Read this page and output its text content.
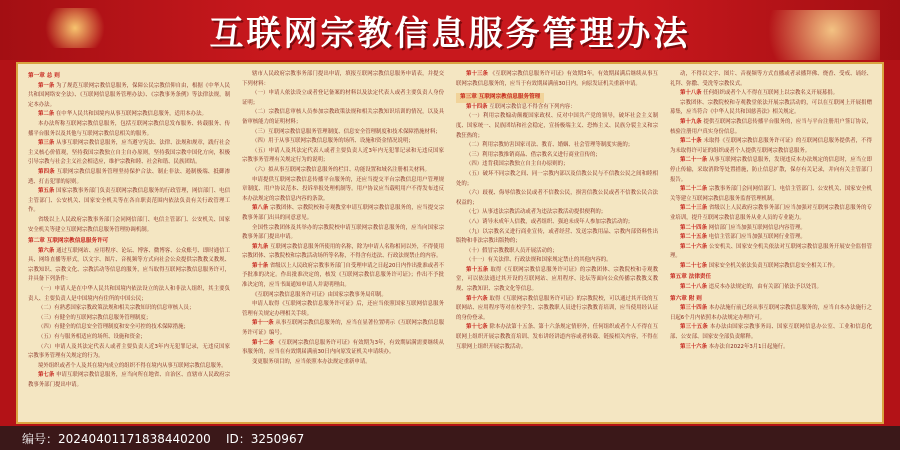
互联网宗教信息服务管理办法

第一章 总 则

第一条 为了规范互联网宗教信息服务，保障公民宗教信仰自由，根据《中华人民共和国网络安全法》、《互联网信息服务管理办法》、《宗教事务条例》等法律法规，制定本办法。

第二条 在中华人民共和国境内从事互联网宗教信息服务，适用本办法。

本办法所称互联网宗教信息服务，包括互联网宗教信息发布服务、转载服务、传播平台服务以及其他与互联网宗教信息相关的服务。

第三条 从事互联网宗教信息服务，应当遵守宪法、法律、法规和规章，践行社会主义核心价值观，坚持我国宗教独立自主自办原则，坚持我国宗教中国化方向，积极引导宗教与社会主义社会相适应，维护宗教和睦、社会和谐、民族团结。

第四条 互联网宗教信息服务管理坚持保护合法、制止非法、遏制极端、抵御渗透、打击犯罪的原则。

第五条 国家宗教事务部门负责互联网宗教信息服务的行政管理，网信部门、电信主管部门、公安机关、国家安全机关等在各自职责范围内依法负责有关行政管理工作。

省级以上人民政府宗教事务部门会同网信部门、电信主管部门、公安机关、国家安全机关等建立互联网宗教信息服务管理协调机制。

第二章 互联网宗教信息服务许可

第六条 通过互联网站、应用程序、论坛、博客、微博客、公众账号、即时通信工具、网络直播等形式，以文字、图片、音视频等方式向社会公众提供宗教教义教规、宗教知识、宗教文化、宗教活动等信息的服务，应当取得互联网宗教信息服务许可，并具备下列条件：

（一）申请人是在中华人民共和国境内依法设立的法人和非法人组织，其主要负责人、主要负责人是中国境内有住所的中国公民；

（二）有熟悉国家宗教政策法规和相关宗教知识的信息审核人员；

（三）有健全的互联网宗教信息服务管理制度；

（四）有健全的信息安全管理制度和安全可控的技术保障措施；

（五）有与服务相适应的场所、设施和资金；

（六）申请人及其法定代表人或者主要负责人近3年内无犯罪记录，无违反国家宗教事务管理有关规定的行为。

境外组织或者个人及其在境内成立的组织不得在境内从事互联网宗教信息服务。

第七条 申请互联网宗教信息服务，应当向所在地省、自治区、直辖市人民政府宗教事务部门提出申请。

辖市人民政府宗教事务部门提出申请，填报互联网宗教信息服务申请表，并提交下列材料：

（一）申请人依法设立或者登记备案的材料以及法定代表人或者主要负责人身份证明；

（二）宗教信息审核人员参加宗教政策法规和相关宗教知识培训的情况，以及具备审核能力的证明材料；

（三）互联网宗教信息服务管理制度、信息安全管理制度和技术保障措施材料；

（四）用于从事互联网宗教信息服务的场所、设施和资金情况说明；

（五）申请人及其法定代表人或者主要负责人近3年内无犯罪记录和无违反国家宗教事务管理有关规定行为的说明；

（六）拟从事互联网宗教信息服务的栏目、功能设置和域名注册相关材料。

申请提供互联网宗教信息传播平台服务的，还应当提交平台宗教信息用户管理规章制度、用户协议范本、投诉举报处理机制等。用户协议应当载明用户不得发布违反本办法规定的宗教信息内容的条款。

第八条 宗教团体、宗教院校和寺观教堂申请互联网宗教信息服务的，应当提交宗教事务部门出具的同意意见。

全国性宗教团体及其举办的宗教院校申请互联网宗教信息服务的，应当向国家宗教事务部门提出申请。

第九条 互联网宗教信息服务所使用的名称，除为申请人名称相同以外，不得使用宗教团体、宗教院校和宗教活动场所等名称，不得含有违法、行政法规禁止的内容。

第十条 省级以上人民政府宗教事务部门自受理申请之日起20日内作出批准或者不予批准的决定。作出批准决定的，核发《互联网宗教信息服务许可证》；作出不予批准决定的，应当书面通知申请人并说明理由。

《互联网宗教信息服务许可证》由国家宗教事务局印制。

申请人取得《互联网宗教信息服务许可证》后，还应当依照国家互联网信息服务管理有关规定办理相关手续。

第十一条 从事互联网宗教信息服务的，应当在显著位置明示《互联网宗教信息服务许可证》编号。

第十二条 《互联网宗教信息服务许可证》有效期为3年，有效期届满需要继续从事服务的，应当在有效期届满前30日内向原发证机关申请续办。

变更服务项目的，应当依照本办法规定重新申请。

第十三条 《互联网宗教信息服务许可证》有效期3年。有效期届满后继续从事互联网宗教信息服务的，应当于有效期届满前30日内，向原发证机关重新申请。

第三章 互联网宗教信息服务管理

第十四条 互联网宗教信息不得含有下列内容：

（一）利用宗教煽动颠覆国家政权、反对中国共产党的领导，破坏社会主义制度、国家统一、民族团结和社会稳定，宣扬极端主义、恐怖主义、民族分裂主义和宗教狂热的；

（二）利用宗教妨害国家司法、教育、婚姻、社会管理等制度实施的；

（三）利用宗教推销商品、借宗教名义进行商业宣传的；

（四）违背我国宗教独立自主自办原则的；

（五）破坏不同宗教之间、同一宗教内部以及信教公民与不信教公民之间和睦相处的；

（六）歧视、侮辱信教公民或者不信教公民，损害信教公民或者不信教公民合法权益的；

（七）从事违法宗教活动或者为违法宗教活动提供便利的；

（八）诱导未成年人信教，或者组织、强迫未成年人参加宗教活动的；

（九）以宗教名义进行商业宣传，或者经营、发送宗教用品、宗教内部资料性出版物和非法宗教出版物的；

（十）假冒宗教教职人员开展活动的；

（十一）有关法律、行政法规和国家规定禁止的其他内容的。

第十五条 取得《互联网宗教信息服务许可证》的宗教团体、宗教院校和寺观教堂，可以依法通过其开设的互联网站、应用程序、论坛等面向公众传播宗教教义教规、宗教知识、宗教文化等信息。

第十六条 取得《互联网宗教信息服务许可证》的宗教院校，可以通过其开设的互联网站、应用程序等对在校学生、宗教教职人员进行宗教教育培训，应当使用经认证的身份登录。

第十七条 除本办法第十五条、第十六条规定情形外，任何组织或者个人不得在互联网上组织开展宗教教育培训、发布讲经讲道内容或者转载、链接相关内容，不得在互联网上组织开展宗教活动。

动，不得以文字、图片、音视频等方式直播或者录播拜佛、烧香、受戒、诵经、礼拜、弥撒、受洗等宗教仪式。

第十八条 任何组织或者个人不得在互联网上以宗教名义开展募捐。

宗教团体、宗教院校和寺观教堂依法开展宗教活动的，可以在互联网上开展捐赠募集，应当符合《中华人民共和国慈善法》相关规定。

第十九条 提供互联网宗教信息传播平台服务的，应当与平台注册用户签订协议，核验注册用户真实身份信息。

第二十条 未取得《互联网宗教信息服务许可证》的互联网信息服务提供者，不得为未取得许可证的组织或者个人提供互联网宗教信息服务。

第二十一条 从事互联网宗教信息服务，发现违反本办法规定的信息时，应当立即停止传输，采取消除等处置措施，防止信息扩散，保存有关记录，并向有关主管部门报告。

第二十二条 宗教事务部门会同网信部门、电信主管部门、公安机关、国家安全机关等建立互联网宗教信息服务监督管理机制。

第二十三条 省级以上人民政府宗教事务部门应当加强对互联网宗教信息服务的专业培训，提升互联网宗教信息服务从业人员的专业能力。

第二十四条 网信部门应当加强互联网信息内容管理。

第二十五条 电信主管部门应当加强互联网行业管理。

第二十六条 公安机关、国家安全机关依法对互联网宗教信息服务开展安全监督管理。

第二十七条 国家安全机关依法负责互联网宗教信息安全相关工作。

第五章 法律责任

第二十八条 违反本办法规定的，由有关部门依法予以处罚。

第六章 附 则

第三十四条 本办法施行前已经从事互联网宗教信息服务的，应当自本办法施行之日起6个月内依照本办法规定办理许可。

第三十五条 本办法由国家宗教事务局、国家互联网信息办公室、工业和信息化部、公安部、国家安全部负责解释。

第三十六条 本办法自2022年3月1日起施行。

编号：20240401171838440200 ID：3250967
